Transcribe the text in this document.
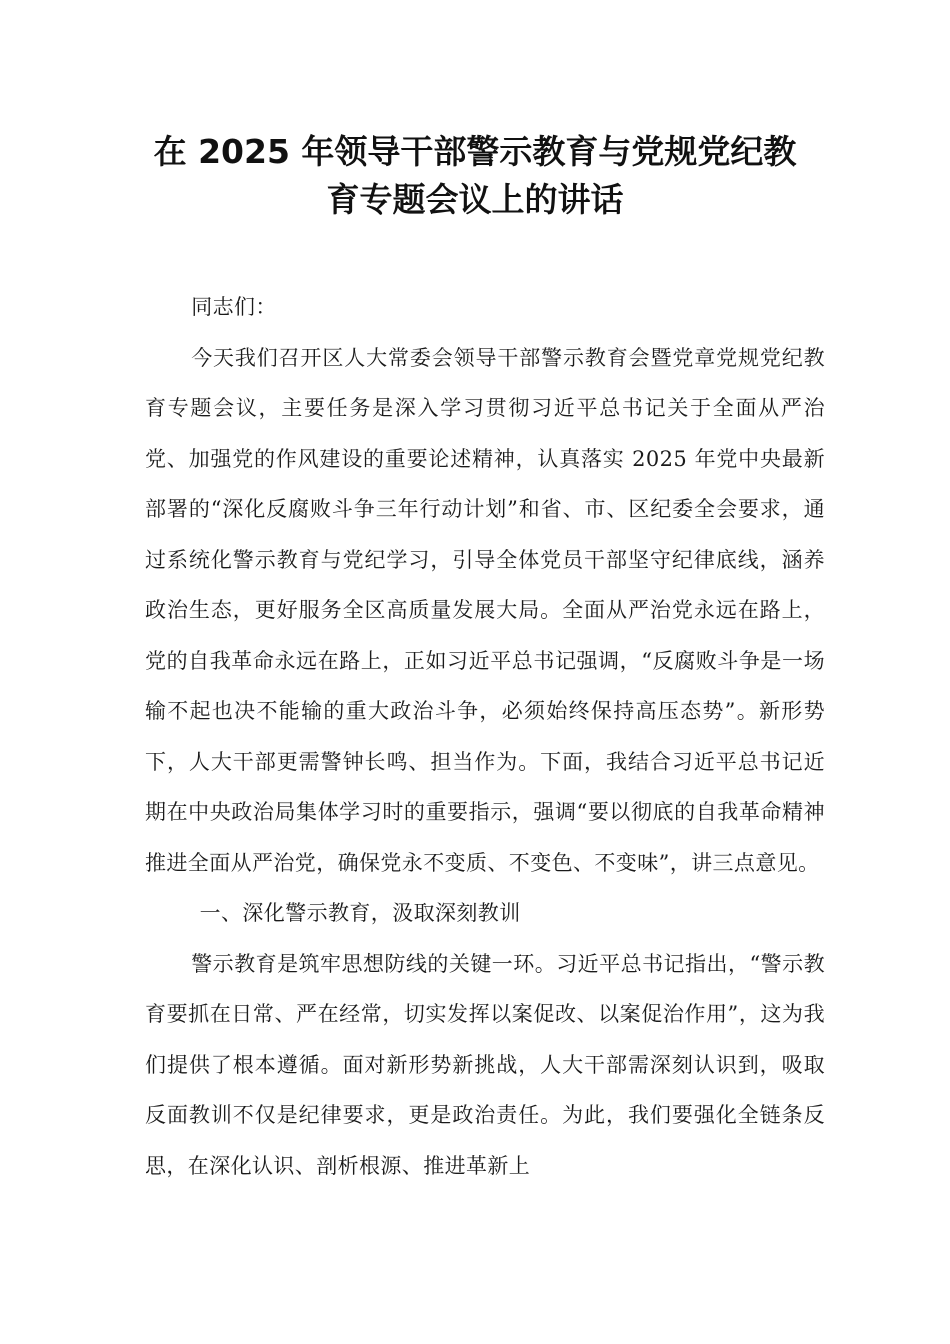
在 2025 年领导干部警示教育与党规党纪教
育专题会议上的讲话

同志们：

今天我们召开区人大常委会领导干部警示教育会暨党章党规党纪教育专题会议，主要任务是深入学习贯彻习近平总书记关于全面从严治党、加强党的作风建设的重要论述精神，认真落实 2025 年党中央最新部署的“深化反腐败斗争三年行动计划”和省、市、区纪委全会要求，通过系统化警示教育与党纪学习，引导全体党员干部坚守纪律底线，涵养政治生态，更好服务全区高质量发展大局。全面从严治党永远在路上，党的自我革命永远在路上，正如习近平总书记强调，“反腐败斗争是一场输不起也决不能输的重大政治斗争，必须始终保持高压态势”。新形势下，人大干部更需警钟长鸣、担当作为。下面，我结合习近平总书记近期在中央政治局集体学习时的重要指示，强调“要以彻底的自我革命精神推进全面从严治党，确保党永不变质、不变色、不变味”，讲三点意见。

一、深化警示教育，汲取深刻教训

警示教育是筑牢思想防线的关键一环。习近平总书记指出，“警示教育要抓在日常、严在经常，切实发挥以案促改、以案促治作用”，这为我们提供了根本遵循。面对新形势新挑战，人大干部需深刻认识到，吸取反面教训不仅是纪律要求，更是政治责任。为此，我们要强化全链条反思，在深化认识、剖析根源、推进革新上
